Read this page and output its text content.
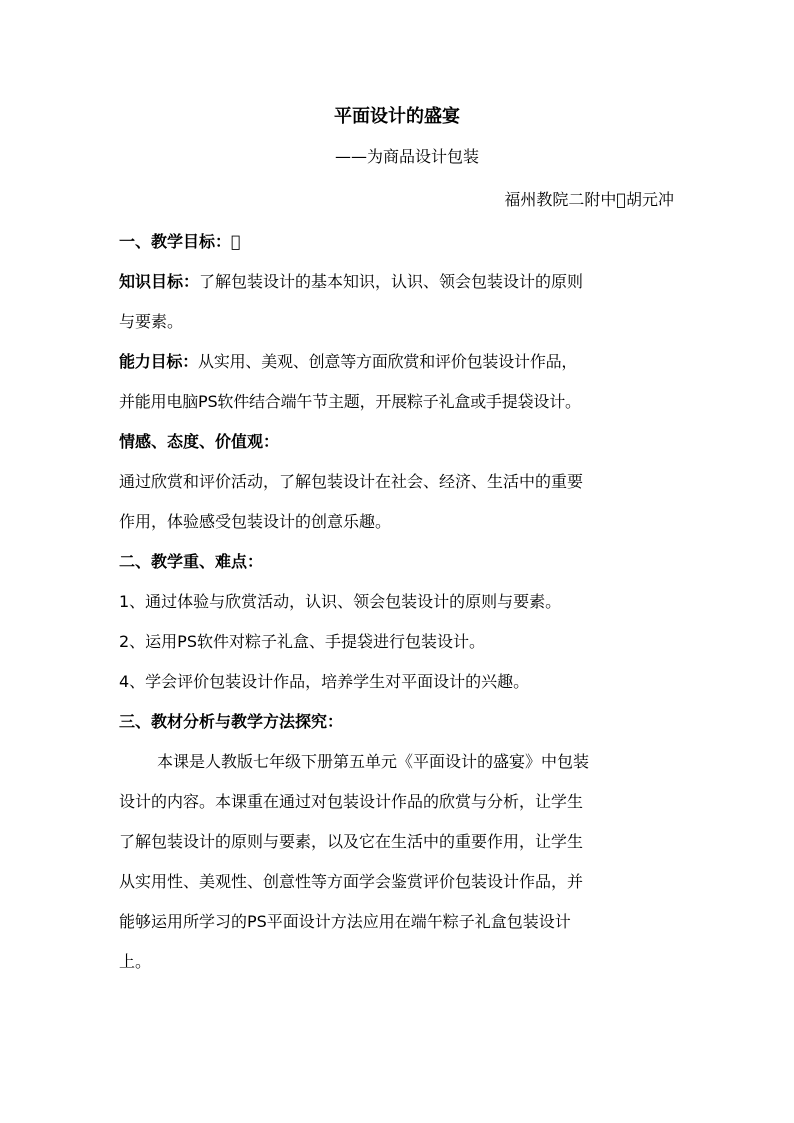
平面设计的盛宴
——为商品设计包装
福州教院二附中 胡元冲
一、教学目标： 
知识目标：了解包装设计的基本知识，认识、领会包装设计的原则
与要素。
能力目标：从实用、美观、创意等方面欣赏和评价包装设计作品，
并能用电脑PS软件结合端午节主题，开展粽子礼盒或手提袋设计。
情感、态度、价值观：
通过欣赏和评价活动，了解包装设计在社会、经济、生活中的重要
作用，体验感受包装设计的创意乐趣。
二、教学重、难点：
1、通过体验与欣赏活动，认识、领会包装设计的原则与要素。
2、运用PS软件对粽子礼盒、手提袋进行包装设计。
4、学会评价包装设计作品，培养学生对平面设计的兴趣。
三、教材分析与教学方法探究：
本课是人教版七年级下册第五单元《平面设计的盛宴》中包装
设计的内容。本课重在通过对包装设计作品的欣赏与分析，让学生
了解包装设计的原则与要素，以及它在生活中的重要作用，让学生
从实用性、美观性、创意性等方面学会鉴赏评价包装设计作品，并
能够运用所学习的PS平面设计方法应用在端午粽子礼盒包装设计
上。
